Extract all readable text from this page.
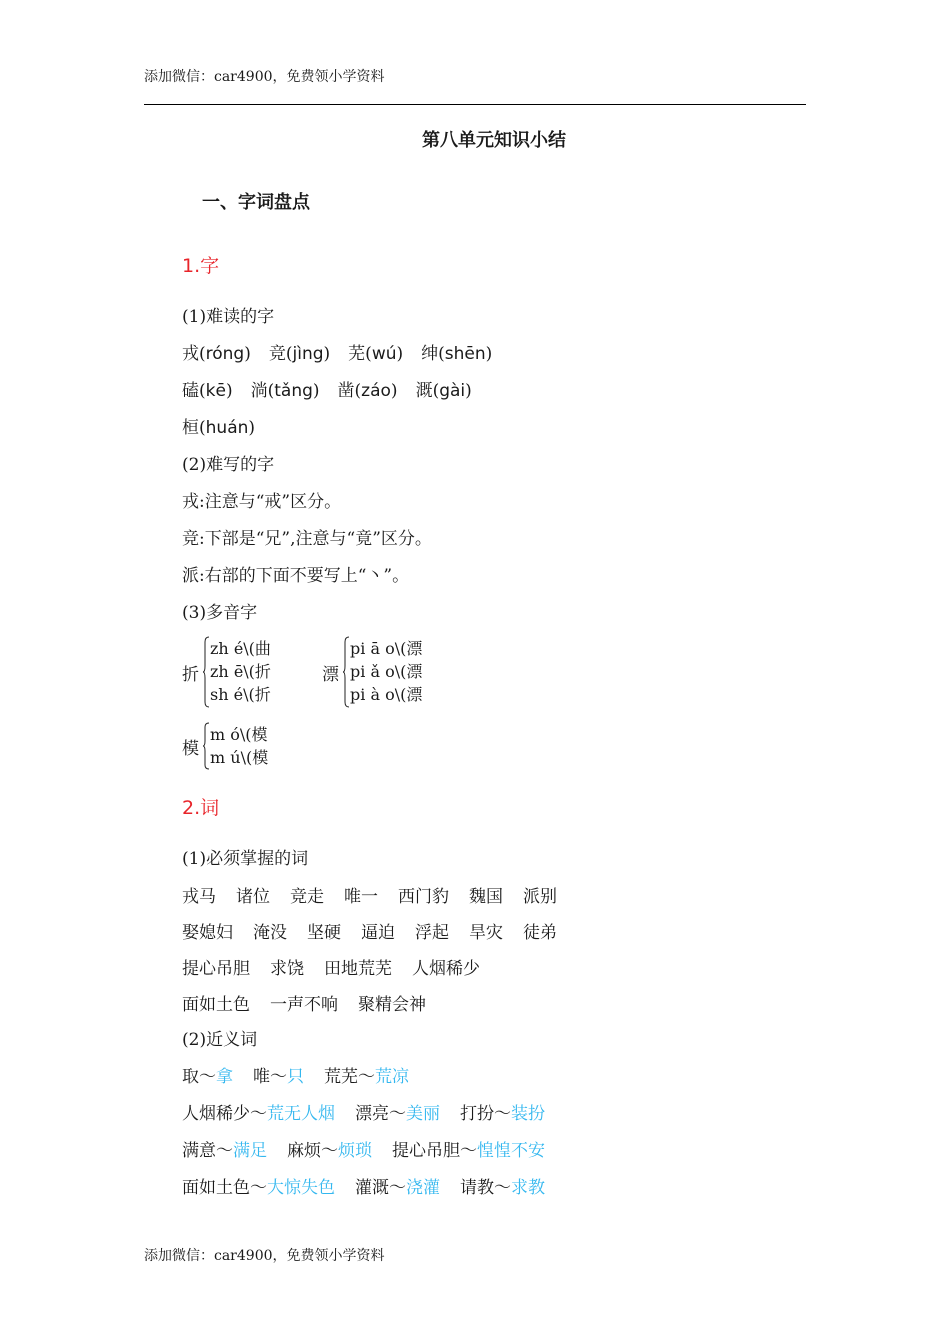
添加微信：car4900，免费领小学资料
第八单元知识小结
一、字词盘点
1.字
(1)难读的字
戎(róng) 竞(jìng) 芜(wú) 绅(shēn)
磕(kē) 淌(tǎng) 凿(záo) 溉(gài)
桓(huán)
(2)难写的字
戎:注意与“戒”区分。
竞:下部是“兄”,注意与“竟”区分。
派:右部的下面不要写上“丶”。
(3)多音字
折
zh é\(曲
zh ē\(折
sh é\(折
漂
pi ā o\(漂
pi ǎ o\(漂
pi à o\(漂
模
m ó\(模
m ú\(模
2.词
(1)必须掌握的词
戎马 诸位 竞走 唯一 西门豹 魏国 派别
娶媳妇 淹没 坚硬 逼迫 浮起 旱灾 徒弟
提心吊胆 求饶 田地荒芜 人烟稀少
面如土色 一声不响 聚精会神
(2)近义词
取～拿 唯～只 荒芜～荒凉
人烟稀少～荒无人烟 漂亮～美丽 打扮～装扮
满意～满足 麻烦～烦琐 提心吊胆～惶惶不安
面如土色～大惊失色 灌溉～浇灌 请教～求教
添加微信：car4900，免费领小学资料
